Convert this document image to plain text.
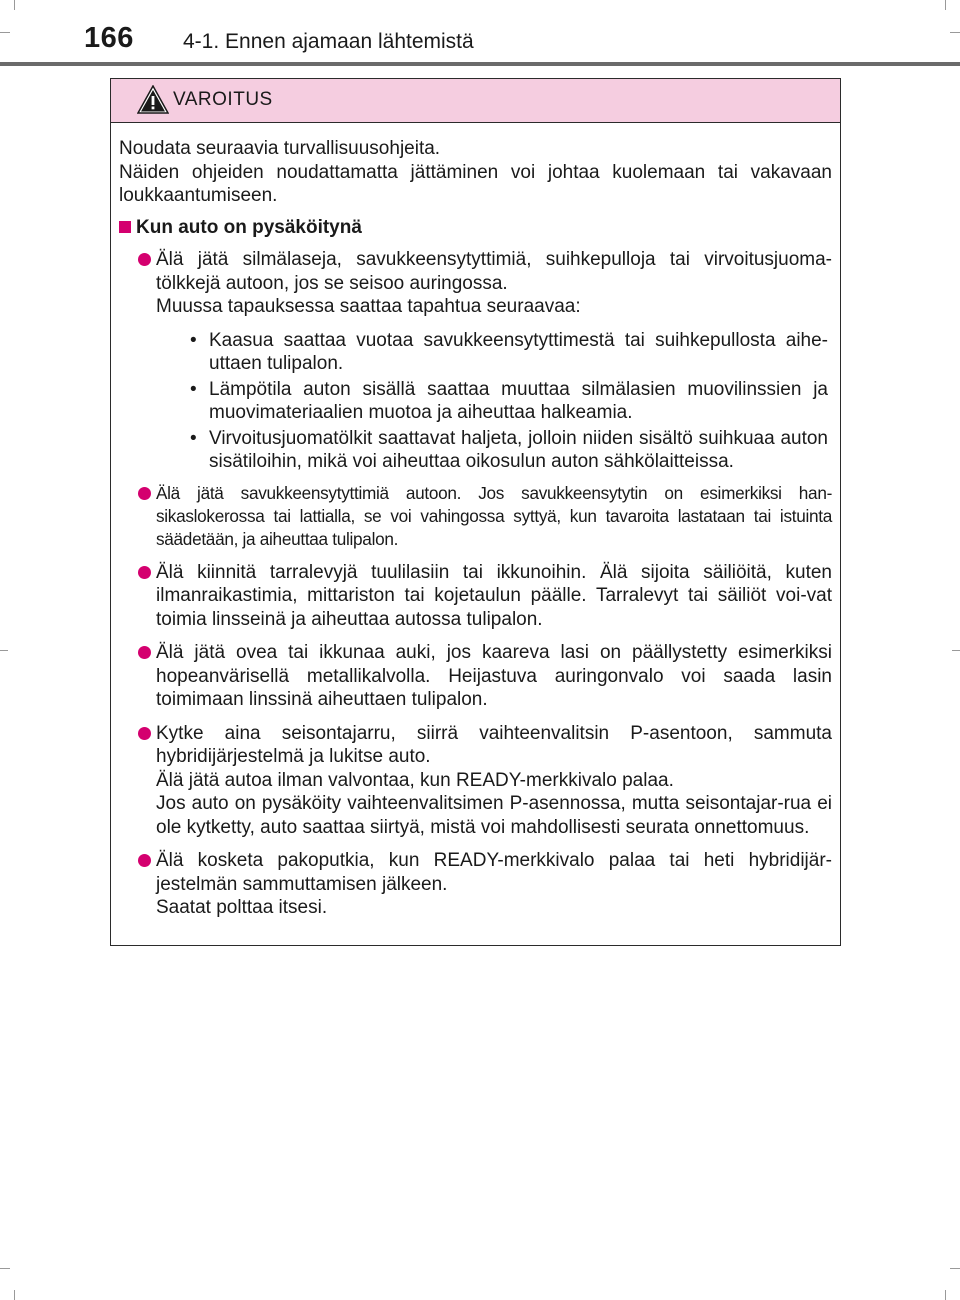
166 4-1. Ennen ajamaan lähtemistä
VAROITUS
Noudata seuraavia turvallisuusohjeita.
Näiden ohjeiden noudattamatta jättäminen voi johtaa kuolemaan tai vakavaan loukkaantumiseen.
Kun auto on pysäköitynä
Älä jätä silmälaseja, savukkeensytyttimiä, suihkepulloja tai virvoitusjuoma-tölkkejä autoon, jos se seisoo auringossa.
Muussa tapauksessa saattaa tapahtua seuraavaa:
• Kaasua saattaa vuotaa savukkeensytyttimestä tai suihkepullosta aihe-uttaen tulipalon.
• Lämpötila auton sisällä saattaa muuttaa silmälasien muovilinssien ja muovimateriaalien muotoa ja aiheuttaa halkeamia.
• Virvoitusjuomatölkit saattavat haljeta, jolloin niiden sisältö suihkuaa auton sisätiloihin, mikä voi aiheuttaa oikosulun auton sähkölaitteissa.
Älä jätä savukkeensytyttimiä autoon. Jos savukkeensytytin on esimerkiksi han-sikaslokerossa tai lattialla, se voi vahingossa syttyä, kun tavaroita lastataan tai istuinta säädetään, ja aiheuttaa tulipalon.
Älä kiinnitä tarralevyjä tuulilasiin tai ikkunoihin. Älä sijoita säiliöitä, kuten ilmanraikastimia, mittariston tai kojetaulun päälle. Tarralevyt tai säiliöt voi-vat toimia linsseinä ja aiheuttaa autossa tulipalon.
Älä jätä ovea tai ikkunaa auki, jos kaareva lasi on päällystetty esimerkiksi hopeanvärisellä metallikalvolla. Heijastuva auringonvalo voi saada lasin toimimaan linssinä aiheuttaen tulipalon.
Kytke aina seisontajarru, siirrä vaihteenvalitsin P-asentoon, sammuta hybridijärjestelmä ja lukitse auto.
Älä jätä autoa ilman valvontaa, kun READY-merkkivalo palaa.
Jos auto on pysäköity vaihteenvalitsimen P-asennossa, mutta seisontajar-rua ei ole kytketty, auto saattaa siirtyä, mistä voi mahdollisesti seurata onnettomuus.
Älä kosketa pakoputkia, kun READY-merkkivalo palaa tai heti hybridijär-jestelmän sammuttamisen jälkeen.
Saatat polttaa itsesi.
